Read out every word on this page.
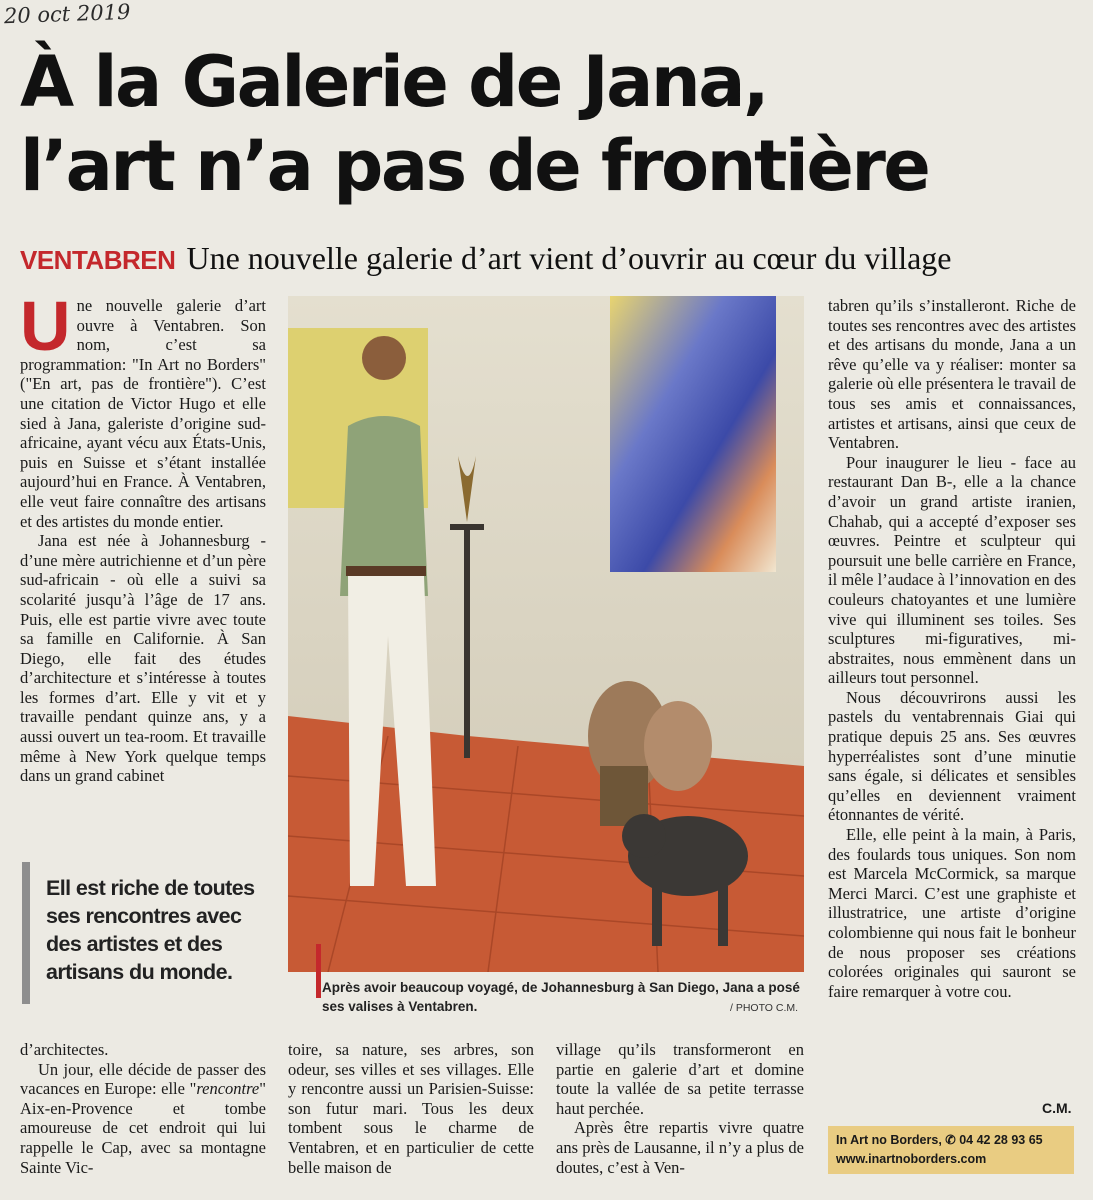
20 oct 2019
À la Galerie de Jana,
l’art n’a pas de frontière
VENTABREN Une nouvelle galerie d’art vient d’ouvrir au cœur du village

Une nouvelle galerie d’art ouvre à Ventabren. Son nom, c’est sa programmation: "In Art no Borders" ("En art, pas de frontière"). C’est une citation de Victor Hugo et elle sied à Jana, galeriste d’origine sud-africaine, ayant vécu aux États-Unis, puis en Suisse et s’étant installée aujourd’hui en France. À Ventabren, elle veut faire connaître des artisans et des artistes du monde entier.

Jana est née à Johannesburg - d’une mère autrichienne et d’un père sud-africain - où elle a suivi sa scolarité jusqu’à l’âge de 17 ans. Puis, elle est partie vivre avec toute sa famille en Californie. À San Diego, elle fait des études d’architecture et s’intéresse à toutes les formes d’art. Elle y vit et y travaille pendant quinze ans, y a aussi ouvert un tea-room. Et travaille même à New York quelque temps dans un grand cabinet

Ell est riche de toutes ses rencontres avec des artistes et des artisans du monde.

d’architectes.

Un jour, elle décide de passer des vacances en Europe: elle "rencontre" Aix-en-Provence et tombe amoureuse de cet endroit qui lui rappelle le Cap, avec sa montagne Sainte Vic-

toire, sa nature, ses arbres, son odeur, ses villes et ses villages. Elle y rencontre aussi un Parisien-Suisse: son futur mari. Tous les deux tombent sous le charme de Ventabren, et en particulier de cette belle maison de

village qu’ils transformeront en partie en galerie d’art et domine toute la vallée de sa petite terrasse haut perchée.

Après être repartis vivre quatre ans près de Lausanne, il n’y a plus de doutes, c’est à Ven-

tabren qu’ils s’installeront. Riche de toutes ses rencontres avec des artistes et des artisans du monde, Jana a un rêve qu’elle va y réaliser: monter sa galerie où elle présentera le travail de tous ses amis et connaissances, artistes et artisans, ainsi que ceux de Ventabren.

Pour inaugurer le lieu - face au restaurant Dan B-, elle a la chance d’avoir un grand artiste iranien, Chahab, qui a accepté d’exposer ses œuvres. Peintre et sculpteur qui poursuit une belle carrière en France, il mêle l’audace à l’innovation en des couleurs chatoyantes et une lumière vive qui illuminent ses toiles. Ses sculptures mi-figuratives, mi-abstraites, nous emmènent dans un ailleurs tout personnel.

Nous découvrirons aussi les pastels du ventabrennais Giai qui pratique depuis 25 ans. Ses œuvres hyperréalistes sont d’une minutie sans égale, si délicates et sensibles qu’elles en deviennent vraiment étonnantes de vérité.

Elle, elle peint à la main, à Paris, des foulards tous uniques. Son nom est Marcela McCormick, sa marque Merci Marci. C’est une graphiste et illustratrice, une artiste d’origine colombienne qui nous fait le bonheur de nous proposer ses créations colorées originales qui sauront se faire remarquer à votre cou.

Après avoir beaucoup voyagé, de Johannesburg à San Diego, Jana a posé ses valises à Ventabren.	/ PHOTO C.M.
C.M.
In Art no Borders, ✆ 04 42 28 93 65
www.inartnoborders.com
